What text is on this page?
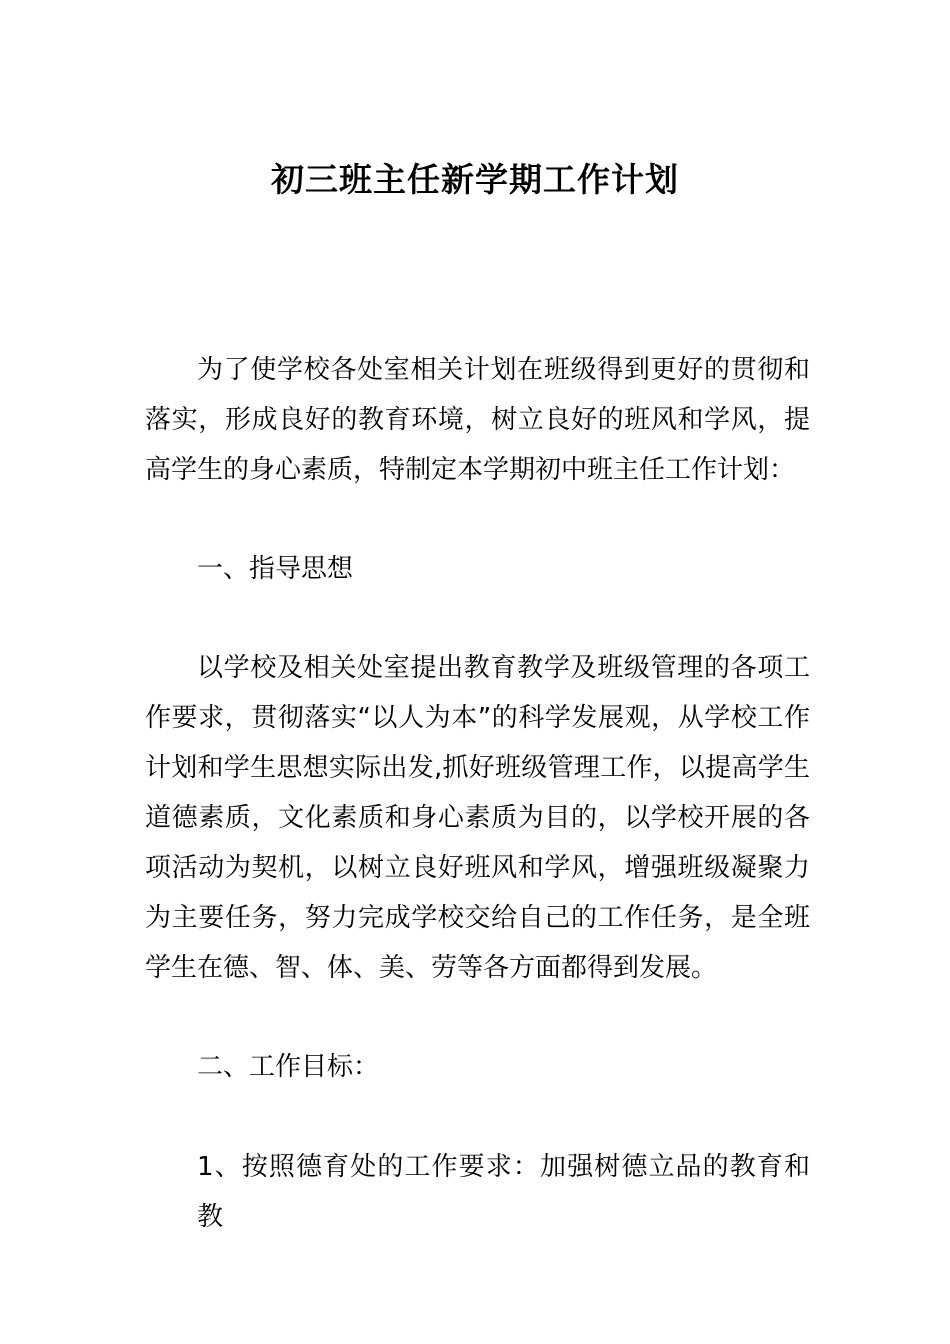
初三班主任新学期工作计划

为了使学校各处室相关计划在班级得到更好的贯彻和落实，形成良好的教育环境，树立良好的班风和学风，提高学生的身心素质，特制定本学期初中班主任工作计划：

一、指导思想

以学校及相关处室提出教育教学及班级管理的各项工作要求，贯彻落实“以人为本”的科学发展观，从学校工作计划和学生思想实际出发,抓好班级管理工作，以提高学生道德素质，文化素质和身心素质为目的，以学校开展的各项活动为契机，以树立良好班风和学风，增强班级凝聚力为主要任务，努力完成学校交给自己的工作任务，是全班学生在德、智、体、美、劳等各方面都得到发展。

二、工作目标：

1、按照德育处的工作要求：加强树德立品的教育和教
